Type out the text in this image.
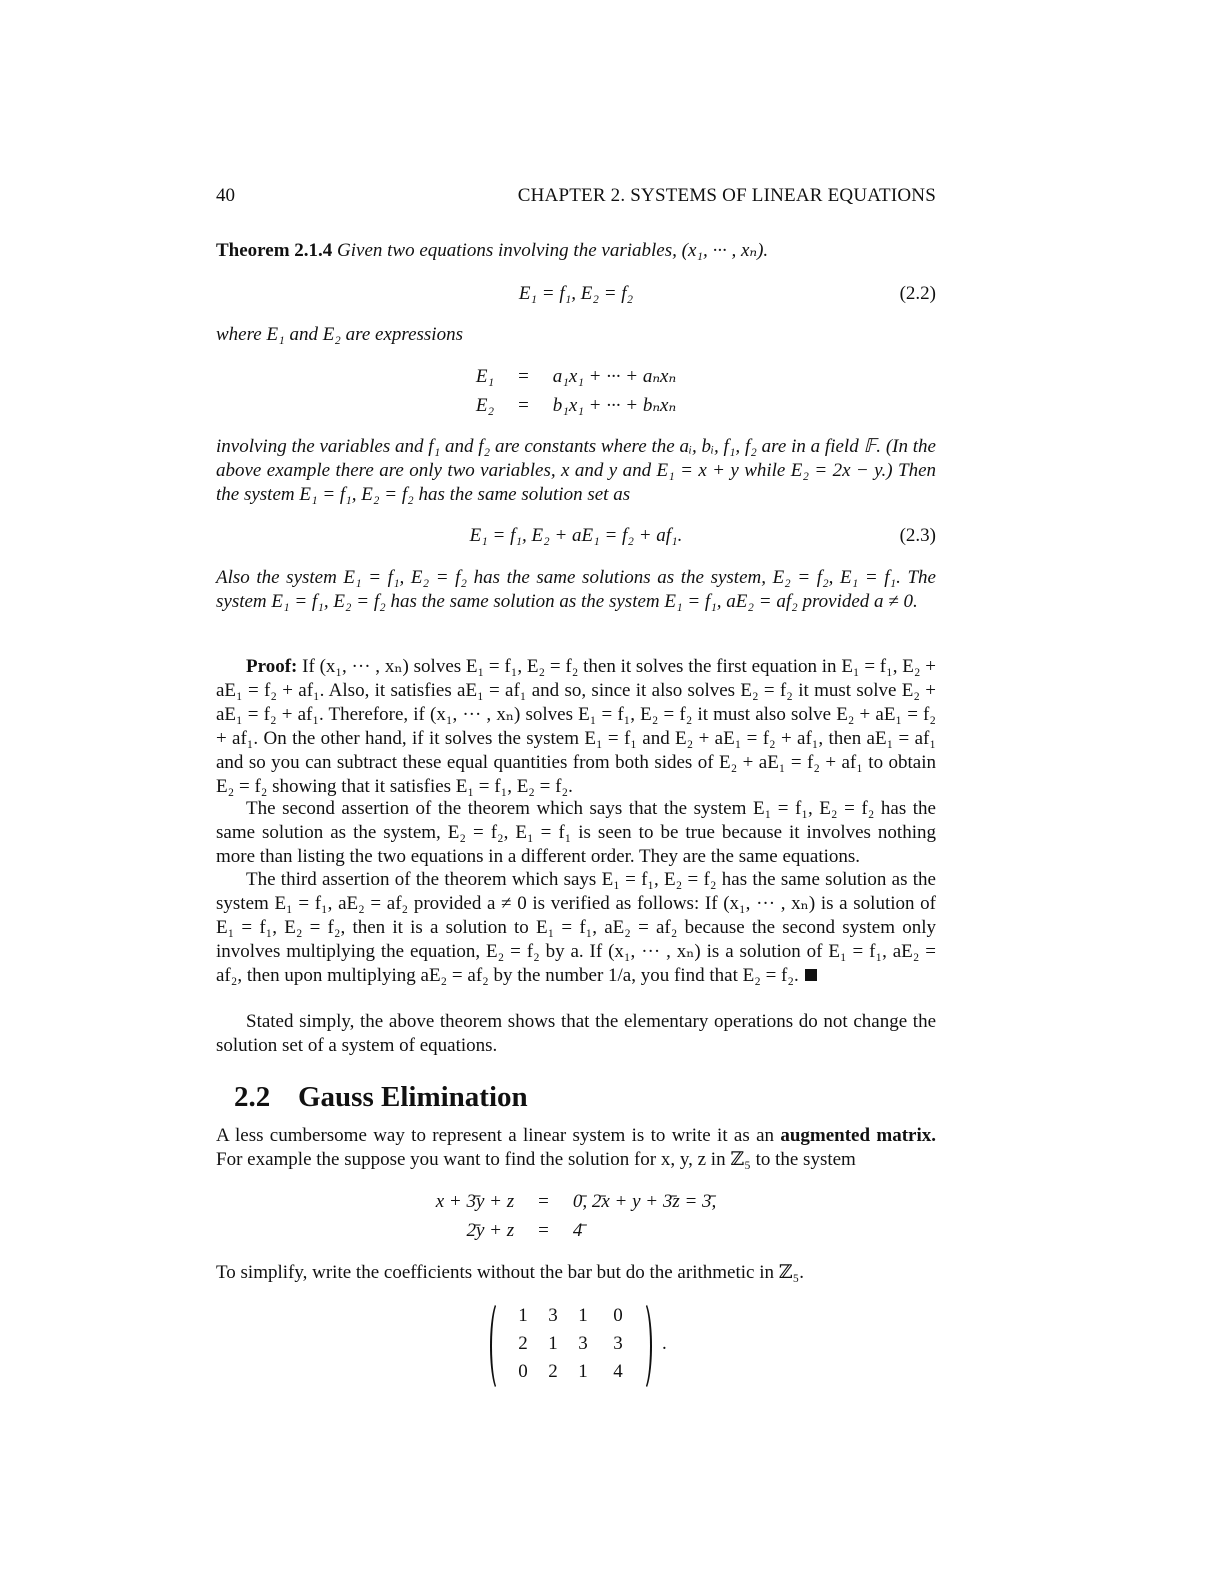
40	CHAPTER 2. SYSTEMS OF LINEAR EQUATIONS
Theorem 2.1.4 Given two equations involving the variables, (x₁, ··· , xₙ).
E₁ = f₁, E₂ = f₂	(2.2)
where E₁ and E₂ are expressions
E₁	=	a₁x₁ + ··· + aₙxₙ
E₂	=	b₁x₁ + ··· + bₙxₙ
involving the variables and f₁ and f₂ are constants where the aᵢ, bᵢ, f₁, f₂ are in a field 𝔽. (In the above example there are only two variables, x and y and E₁ = x + y while E₂ = 2x − y.) Then the system E₁ = f₁, E₂ = f₂ has the same solution set as
E₁ = f₁, E₂ + aE₁ = f₂ + af₁.	(2.3)
Also the system E₁ = f₁, E₂ = f₂ has the same solutions as the system, E₂ = f₂, E₁ = f₁. The system E₁ = f₁, E₂ = f₂ has the same solution as the system E₁ = f₁, aE₂ = af₂ provided a ≠ 0.
Proof: If (x₁, ··· , xₙ) solves E₁ = f₁, E₂ = f₂ then it solves the first equation in E₁ = f₁, E₂ + aE₁ = f₂ + af₁. Also, it satisfies aE₁ = af₁ and so, since it also solves E₂ = f₂ it must solve E₂ + aE₁ = f₂ + af₁. Therefore, if (x₁, ··· , xₙ) solves E₁ = f₁, E₂ = f₂ it must also solve E₂ + aE₁ = f₂ + af₁. On the other hand, if it solves the system E₁ = f₁ and E₂ + aE₁ = f₂ + af₁, then aE₁ = af₁ and so you can subtract these equal quantities from both sides of E₂ + aE₁ = f₂ + af₁ to obtain E₂ = f₂ showing that it satisfies E₁ = f₁, E₂ = f₂.
The second assertion of the theorem which says that the system E₁ = f₁, E₂ = f₂ has the same solution as the system, E₂ = f₂, E₁ = f₁ is seen to be true because it involves nothing more than listing the two equations in a different order. They are the same equations.
The third assertion of the theorem which says E₁ = f₁, E₂ = f₂ has the same solution as the system E₁ = f₁, aE₂ = af₂ provided a ≠ 0 is verified as follows: If (x₁, ··· , xₙ) is a solution of E₁ = f₁, E₂ = f₂, then it is a solution to E₁ = f₁, aE₂ = af₂ because the second system only involves multiplying the equation, E₂ = f₂ by a. If (x₁, ··· , xₙ) is a solution of E₁ = f₁, aE₂ = af₂, then upon multiplying aE₂ = af₂ by the number 1/a, you find that E₂ = f₂.
Stated simply, the above theorem shows that the elementary operations do not change the solution set of a system of equations.
2.2 Gauss Elimination
A less cumbersome way to represent a linear system is to write it as an augmented matrix. For example the suppose you want to find the solution for x, y, z in ℤ₅ to the system
x + 3̄y + z	=	0̄, 2̄x + y + 3̄z = 3̄,
2̄y + z	=	4̄
To simplify, write the coefficients without the bar but do the arithmetic in ℤ₅.
1	3	1	0
2	1	3	3
0	2	1	4
.
